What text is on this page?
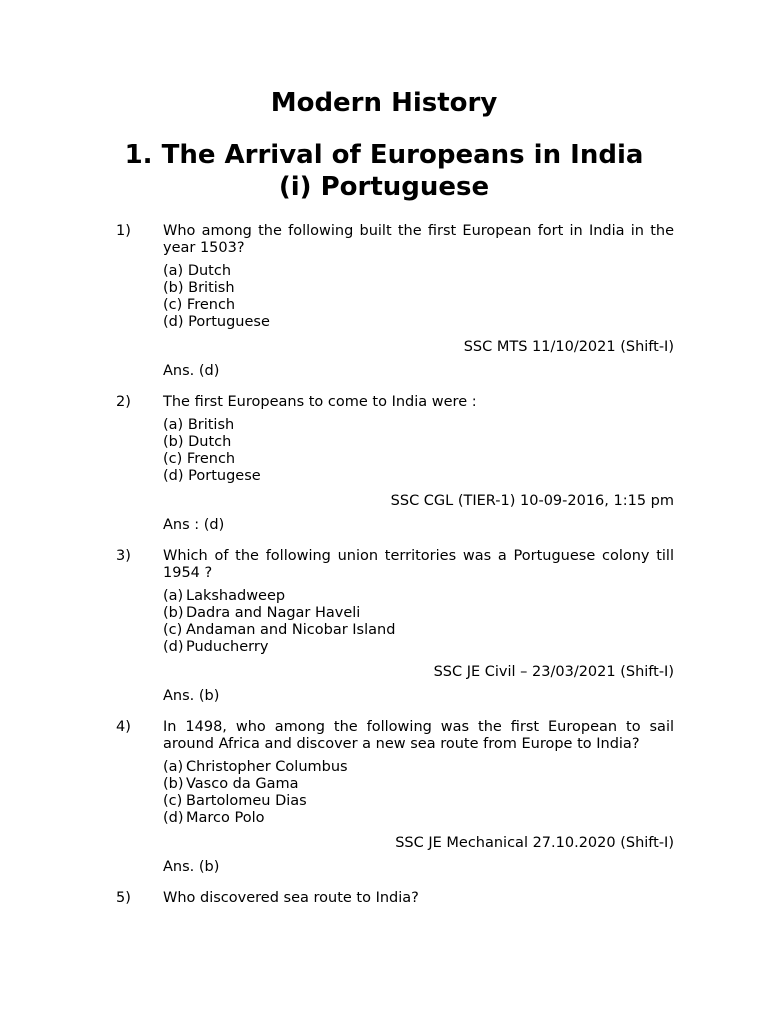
Modern History
1. The Arrival of Europeans in India
(i) Portuguese
1)	Who among the following built the first European fort in India in the year 1503?

(a) Dutch
(b) British
(c) French
(d) Portuguese

SSC MTS 11/10/2021 (Shift-I)

Ans. (d)

2)	The first Europeans to come to India were :

(a) British
(b) Dutch
(c) French
(d) Portugese

SSC CGL (TIER-1) 10-09-2016, 1:15 pm

Ans : (d)

3)	Which of the following union territories was a Portuguese colony till 1954 ?

(a) Lakshadweep
(b) Dadra and Nagar Haveli
(c) Andaman and Nicobar Island
(d) Puducherry

SSC JE Civil – 23/03/2021 (Shift-I)

Ans. (b)

4)	In 1498, who among the following was the first European to sail around Africa and discover a new sea route from Europe to India?

(a) Christopher Columbus
(b) Vasco da Gama
(c) Bartolomeu Dias
(d) Marco Polo

SSC JE Mechanical 27.10.2020 (Shift-I)

Ans. (b)

5)	Who discovered sea route to India?
